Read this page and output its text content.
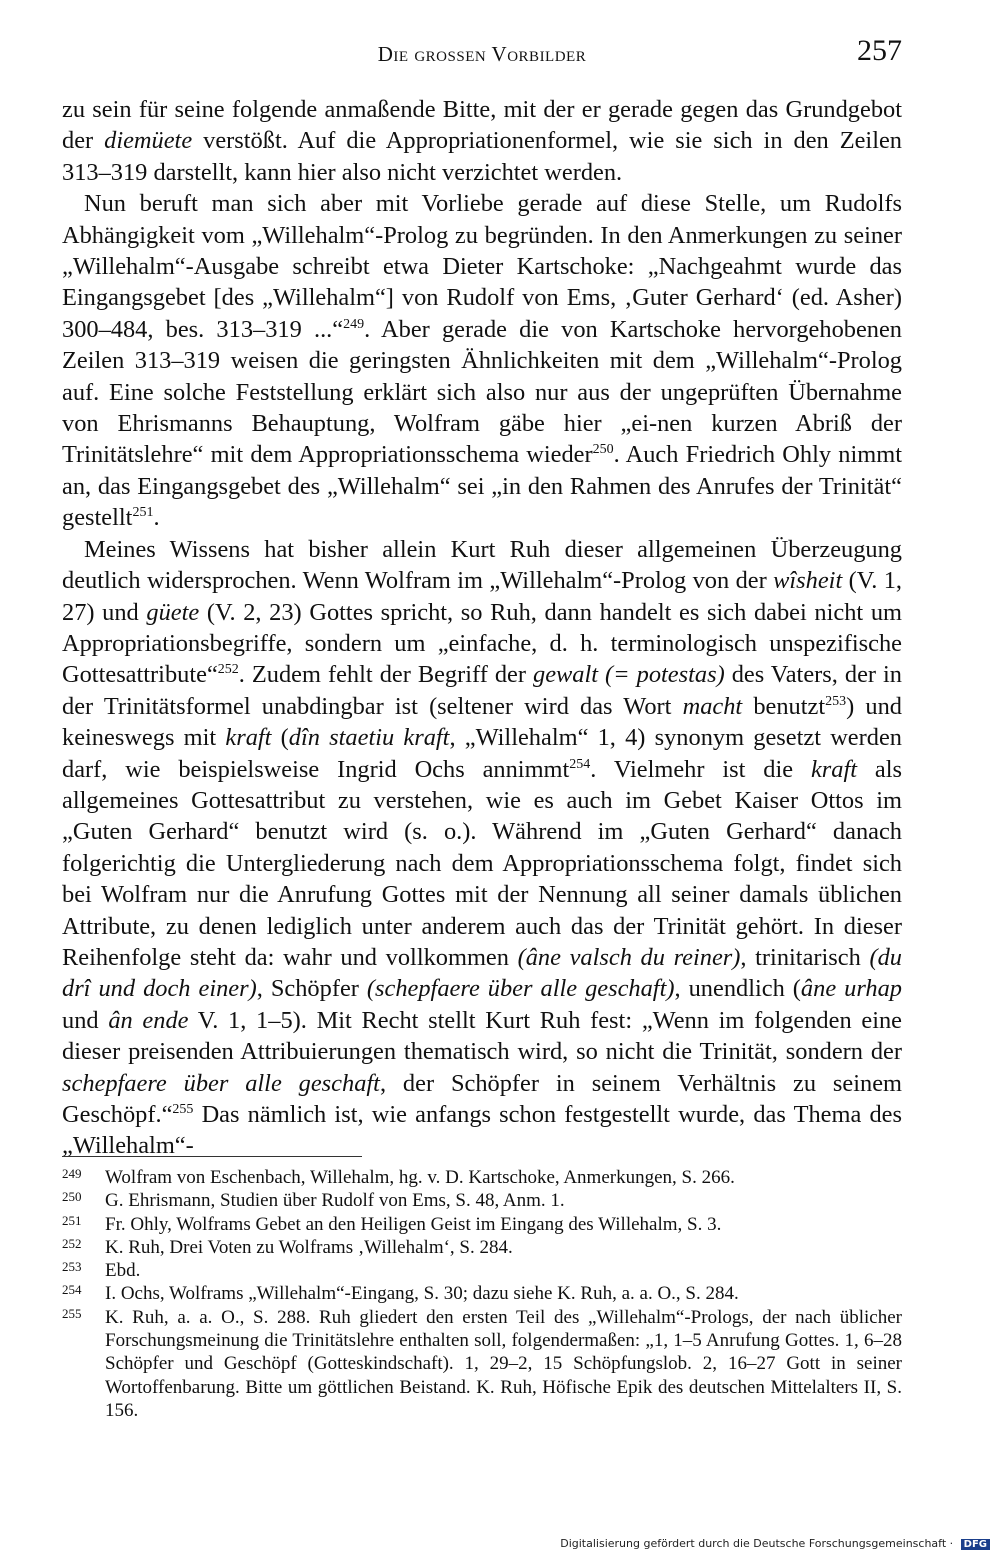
Die grossen Vorbilder	257

zu sein für seine folgende anmaßende Bitte, mit der er gerade gegen das Grundgebot der diemüete verstößt. Auf die Appropriationenformel, wie sie sich in den Zeilen 313–319 darstellt, kann hier also nicht verzichtet werden.

Nun beruft man sich aber mit Vorliebe gerade auf diese Stelle, um Rudolfs Abhängigkeit vom „Willehalm“-Prolog zu begründen. In den Anmerkungen zu seiner „Willehalm“-Ausgabe schreibt etwa Dieter Kartschoke: „Nachgeahmt wurde das Eingangsgebet [des „Willehalm“] von Rudolf von Ems, ‚Guter Gerhard‘ (ed. Asher) 300–484, bes. 313–319 ...“$^{249}$. Aber gerade die von Kartschoke hervorgehobenen Zeilen 313–319 weisen die geringsten Ähnlichkeiten mit dem „Willehalm“-Prolog auf. Eine solche Feststellung erklärt sich also nur aus der ungeprüften Übernahme von Ehrismanns Behauptung, Wolfram gäbe hier „ei-nen kurzen Abriß der Trinitätslehre“ mit dem Appropriationsschema wieder$^{250}$. Auch Friedrich Ohly nimmt an, das Eingangsgebet des „Willehalm“ sei „in den Rahmen des Anrufes der Trinität“ gestellt$^{251}$.

Meines Wissens hat bisher allein Kurt Ruh dieser allgemeinen Überzeugung deutlich widersprochen. Wenn Wolfram im „Willehalm“-Prolog von der wîsheit (V. 1, 27) und güete (V. 2, 23) Gottes spricht, so Ruh, dann handelt es sich dabei nicht um Appropriationsbegriffe, sondern um „einfache, d. h. terminologisch unspezifische Gottesattribute“$^{252}$. Zudem fehlt der Begriff der gewalt (= potestas) des Vaters, der in der Trinitätsformel unabdingbar ist (seltener wird das Wort macht benutzt$^{253}$) und keineswegs mit kraft (dîn staetiu kraft, „Willehalm“ 1, 4) synonym gesetzt werden darf, wie beispielsweise Ingrid Ochs annimmt$^{254}$. Vielmehr ist die kraft als allgemeines Gottesattribut zu verstehen, wie es auch im Gebet Kaiser Ottos im „Guten Gerhard“ benutzt wird (s. o.). Während im „Guten Gerhard“ danach folgerichtig die Untergliederung nach dem Appropriationsschema folgt, findet sich bei Wolfram nur die Anrufung Gottes mit der Nennung all seiner damals üblichen Attribute, zu denen lediglich unter anderem auch das der Trinität gehört. In dieser Reihenfolge steht da: wahr und vollkommen (âne valsch du reiner), trinitarisch (du drî und doch einer), Schöpfer (schepfaere über alle geschaft), unendlich (âne urhap und ân ende V. 1, 1–5). Mit Recht stellt Kurt Ruh fest: „Wenn im folgenden eine dieser preisenden Attribuierungen thematisch wird, so nicht die Trinität, sondern der schepfaere über alle geschaft, der Schöpfer in seinem Verhältnis zu seinem Geschöpf.“$^{255}$ Das nämlich ist, wie anfangs schon festgestellt wurde, das Thema des „Willehalm“-

249 Wolfram von Eschenbach, Willehalm, hg. v. D. Kartschoke, Anmerkungen, S. 266.
250 G. Ehrismann, Studien über Rudolf von Ems, S. 48, Anm. 1.
251 Fr. Ohly, Wolframs Gebet an den Heiligen Geist im Eingang des Willehalm, S. 3.
252 K. Ruh, Drei Voten zu Wolframs ‚Willehalm‘, S. 284.
253 Ebd.
254 I. Ochs, Wolframs „Willehalm“-Eingang, S. 30; dazu siehe K. Ruh, a. a. O., S. 284.
255 K. Ruh, a. a. O., S. 288. Ruh gliedert den ersten Teil des „Willehalm“-Prologs, der nach üblicher Forschungsmeinung die Trinitätslehre enthalten soll, folgendermaßen: „1, 1–5 Anrufung Gottes. 1, 6–28 Schöpfer und Geschöpf (Gotteskindschaft). 1, 29–2, 15 Schöpfungslob. 2, 16–27 Gott in seiner Wortoffenbarung. Bitte um göttlichen Beistand. K. Ruh, Höfische Epik des deutschen Mittelalters II, S. 156.
Digitalisierung gefördert durch die Deutsche Forschungsgemeinschaft · DFG
